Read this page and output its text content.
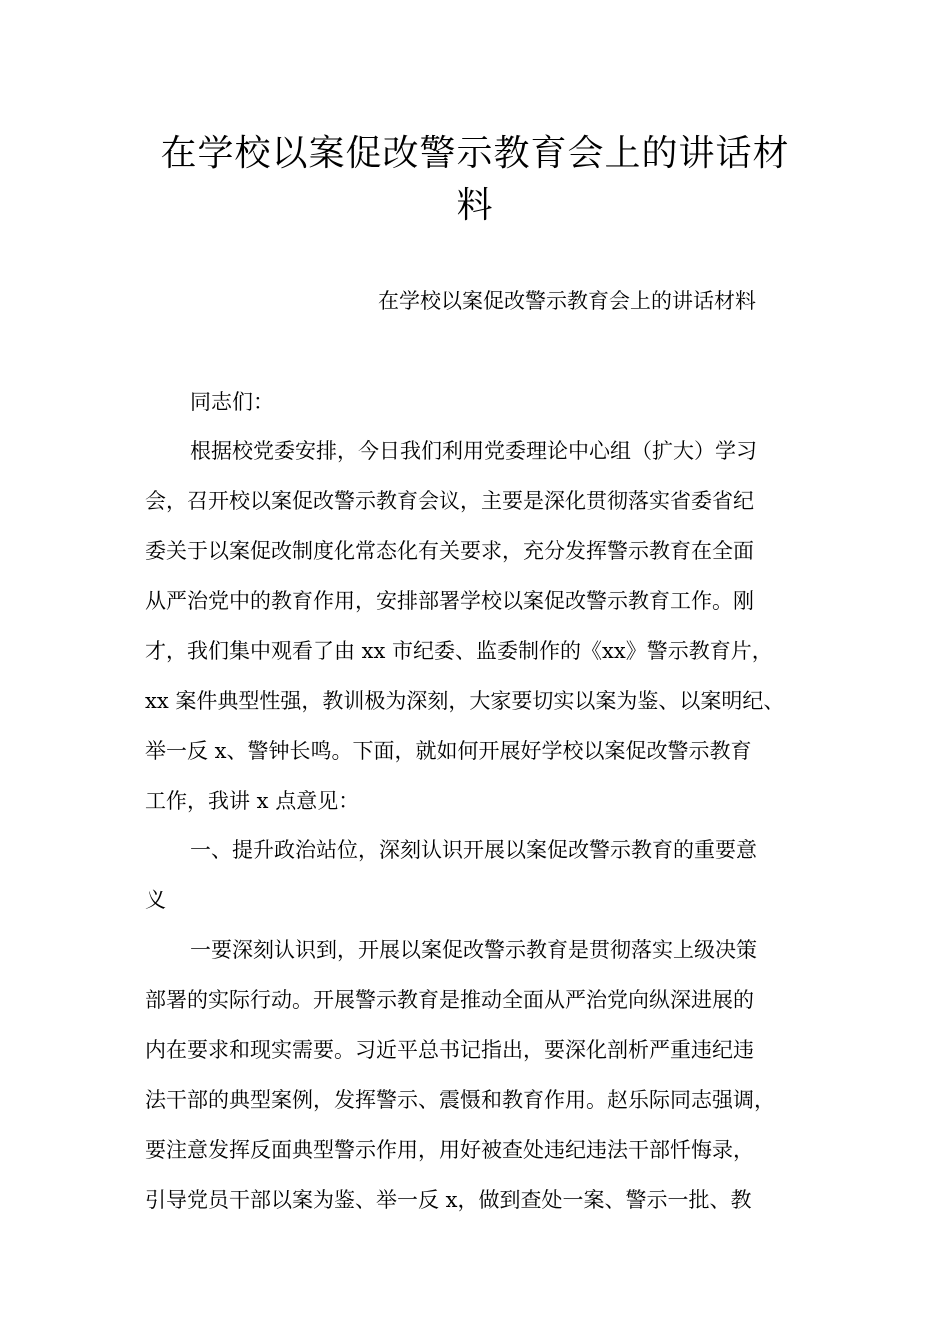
在学校以案促改警示教育会上的讲话材
料
在学校以案促改警示教育会上的讲话材料
同志们：
根据校党委安排，今日我们利用党委理论中心组（扩大）学习
会，召开校以案促改警示教育会议，主要是深化贯彻落实省委省纪
委关于以案促改制度化常态化有关要求，充分发挥警示教育在全面
从严治党中的教育作用，安排部署学校以案促改警示教育工作。刚
才，我们集中观看了由 xx 市纪委、监委制作的《xx》警示教育片，
xx 案件典型性强，教训极为深刻，大家要切实以案为鉴、以案明纪、
举一反 x、警钟长鸣。下面，就如何开展好学校以案促改警示教育
工作，我讲 x 点意见：
一、提升政治站位，深刻认识开展以案促改警示教育的重要意
义
一要深刻认识到，开展以案促改警示教育是贯彻落实上级决策
部署的实际行动。开展警示教育是推动全面从严治党向纵深进展的
内在要求和现实需要。习近平总书记指出，要深化剖析严重违纪违
法干部的典型案例，发挥警示、震慑和教育作用。赵乐际同志强调，
要注意发挥反面典型警示作用，用好被查处违纪违法干部忏悔录，
引导党员干部以案为鉴、举一反 x，做到查处一案、警示一批、教
